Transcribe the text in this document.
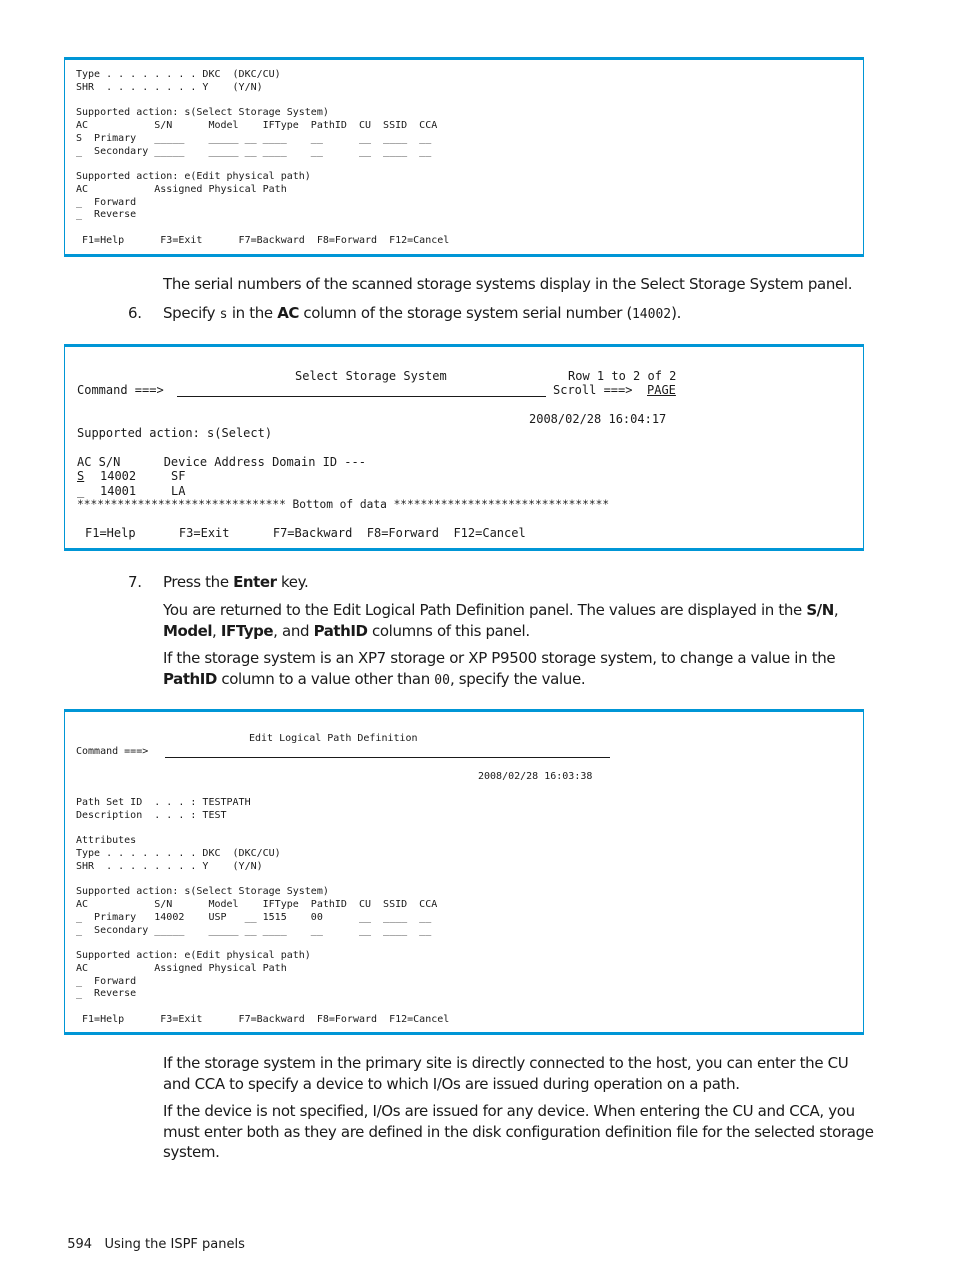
Type . . . . . . . . DKC  (DKC/CU)
SHR  . . . . . . . . Y    (Y/N)

Supported action: s(Select Storage System)
AC           S/N      Model    IFType  PathID  CU  SSID  CCA
S  Primary   _____    _____ __ ____    __      __  ____  __
_  Secondary _____    _____ __ ____    __      __  ____  __

Supported action: e(Edit physical path)
AC           Assigned Physical Path
_  Forward
_  Reverse

F1=Help      F3=Exit      F7=Backward  F8=Forward  F12=Cancel
The serial numbers of the scanned storage systems display in the Select Storage System panel.
6. Specify s in the AC column of the storage system serial number (14002).
Select Storage System	Row 1 to 2 of 2
Command ===>	Scroll ===> PAGE
2008/02/28 16:04:17
Supported action: s(Select)
AC S/N      Device Address Domain ID ---
S 14002	SF
_ 14001	LA
******************************* Bottom of data ********************************
F1=Help      F3=Exit      F7=Backward  F8=Forward  F12=Cancel
7. Press the Enter key.
You are returned to the Edit Logical Path Definition panel. The values are displayed in the S/N, Model, IFType, and PathID columns of this panel.
If the storage system is an XP7 storage or XP P9500 storage system, to change a value in the PathID column to a value other than 00, specify the value.
Edit Logical Path Definition
Command ===>
2008/02/28 16:03:38
Path Set ID  . . . : TESTPATH
Description  . . . : TEST

Attributes
Type . . . . . . . . DKC  (DKC/CU)
SHR  . . . . . . . . Y    (Y/N)

Supported action: s(Select Storage System)
AC           S/N      Model    IFType  PathID  CU  SSID  CCA
_  Primary   14002    USP   __ 1515    00      __  ____  __
_  Secondary _____    _____ __ ____    __      __  ____  __

Supported action: e(Edit physical path)
AC           Assigned Physical Path
_  Forward
_  Reverse

F1=Help      F3=Exit      F7=Backward  F8=Forward  F12=Cancel
If the storage system in the primary site is directly connected to the host, you can enter the CU and CCA to specify a device to which I/Os are issued during operation on a path.
If the device is not specified, I/Os are issued for any device. When entering the CU and CCA, you must enter both as they are defined in the disk configuration definition file for the selected storage system.

594 Using the ISPF panels
